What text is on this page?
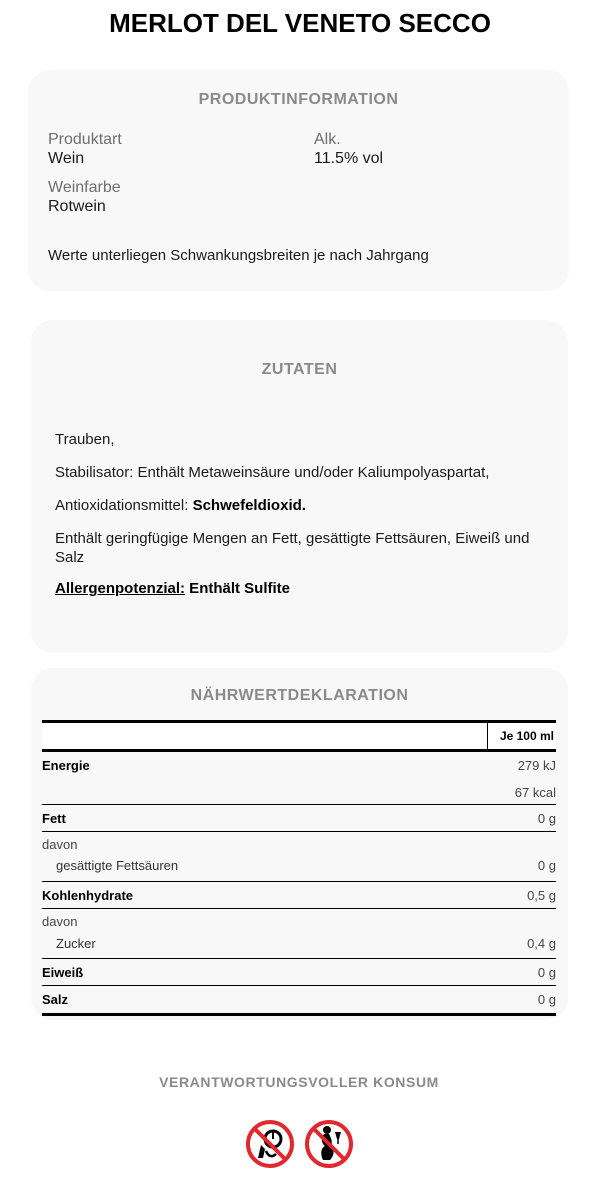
MERLOT DEL VENETO SECCO
PRODUKTINFORMATION
Produktart
Wein
Alk.
11.5% vol
Weinfarbe
Rotwein
Werte unterliegen Schwankungsbreiten je nach Jahrgang
ZUTATEN
Trauben,
Stabilisator: Enthält Metaweinsäure und/oder Kaliumpolyaspartat,
Antioxidationsmittel: Schwefeldioxid.
Enthält geringfügige Mengen an Fett, gesättigte Fettsäuren, Eiweiß und Salz
Allergenpotenzial: Enthält Sulfite
NÄHRWERTDEKLARATION
Je 100 ml
Energie	279 kJ
67 kcal
Fett	0 g
davon
gesättigte Fettsäuren	0 g
Kohlenhydrate	0,5 g
davon
Zucker	0,4 g
Eiweiß	0 g
Salz	0 g
VERANTWORTUNGSVOLLER KONSUM
